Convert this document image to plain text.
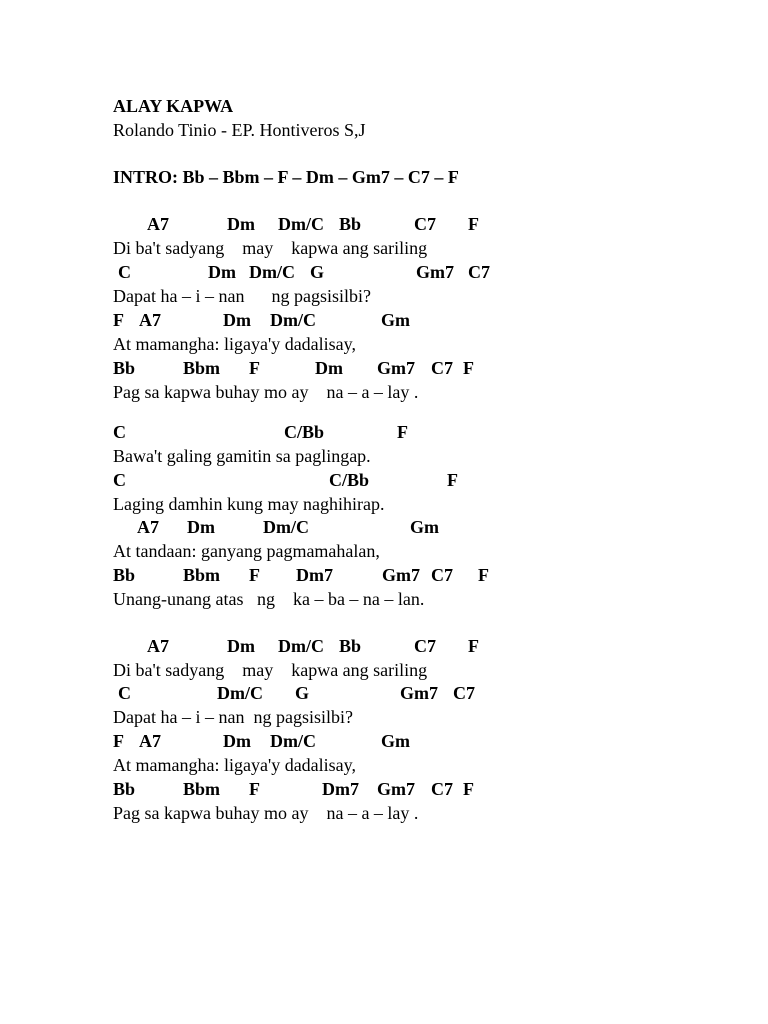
ALAY KAPWA
Rolando Tinio - EP. Hontiveros S,J
INTRO: Bb – Bbm – F – Dm – Gm7 – C7 – F
A7	Dm Dm/C Bb	C7 F
Di ba't sadyang    may    kapwa ang sariling
C	Dm Dm/C G	Gm7 C7
Dapat ha – i – nan      ng pagsisilbi?
F A7	Dm Dm/C	Gm
At mamangha: ligaya'y dadalisay,
Bb	Bbm F	Dm Gm7 C7 F
Pag sa kapwa buhay mo ay    na – a – lay .
C	C/Bb	F
Bawa't galing gamitin sa paglingap.
C	C/Bb	F
Laging damhin kung may naghihirap.
A7 Dm	Dm/C	Gm
At tandaan: ganyang pagmamahalan,
Bb	Bbm F Dm7	Gm7 C7 F
Unang-unang atas   ng    ka – ba – na – lan.
A7	Dm Dm/C Bb	C7 F
Di ba't sadyang    may    kapwa ang sariling
C	Dm/C G	Gm7 C7
Dapat ha – i – nan  ng pagsisilbi?
F A7	Dm Dm/C	Gm
At mamangha: ligaya'y dadalisay,
Bb	Bbm F	Dm7 Gm7 C7 F
Pag sa kapwa buhay mo ay    na – a – lay .
